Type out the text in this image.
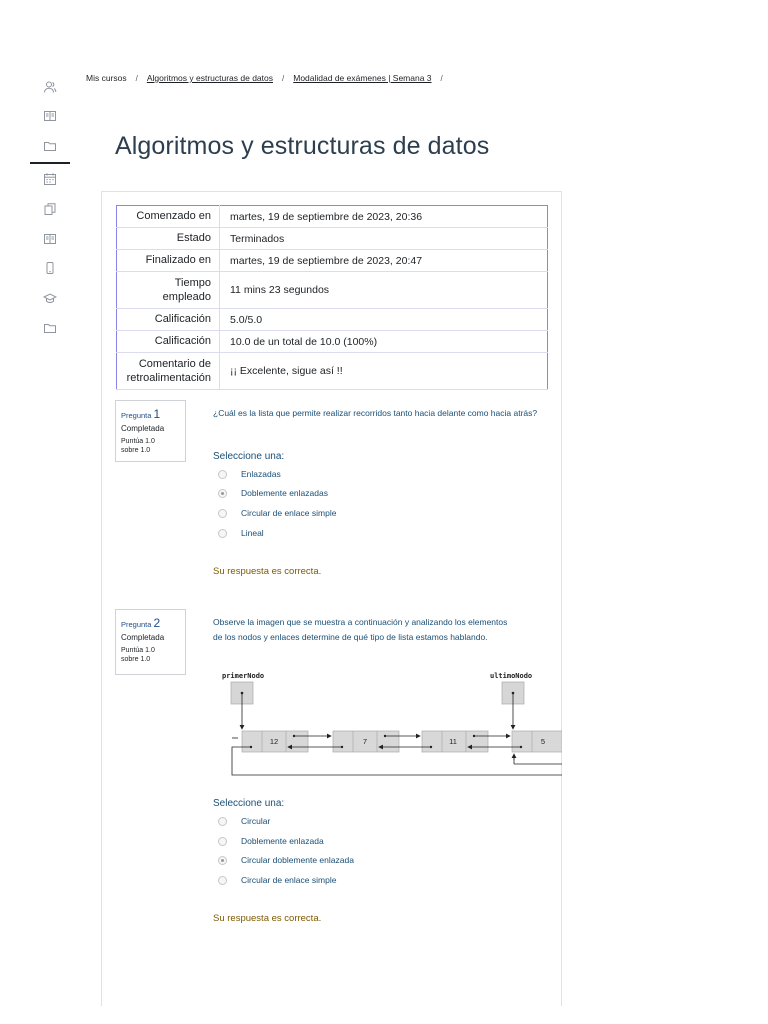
Mis cursos / Algoritmos y estructuras de datos / Modalidad de exámenes | Semana 3 /
Algoritmos y estructuras de datos
Comenzado en	martes, 19 de septiembre de 2023, 20:36
Estado	Terminados
Finalizado en	martes, 19 de septiembre de 2023, 20:47
Tiempo
empleado	11 mins 23 segundos
Calificación	5.0/5.0
Calificación	10.0 de un total de 10.0 (100%)
Comentario de
retroalimentación	¡¡ Excelente, sigue así !!
Pregunta 1
Completada
Puntúa 1.0
sobre 1.0
¿Cuál es la lista que permite realizar recorridos tanto hacia delante como hacia atrás?
Seleccione una:
Enlazadas
Doblemente enlazadas
Circular de enlace simple
Lineal
Su respuesta es correcta.
Pregunta 2
Completada
Puntúa 1.0
sobre 1.0
Observe la imagen que se muestra a continuación y analizando los elementos de los nodos y enlaces determine de qué tipo de lista estamos hablando.
primerNodo	ultimoNodo
12	7	11	5
Seleccione una:
Circular
Doblemente enlazada
Circular doblemente enlazada
Circular de enlace simple
Su respuesta es correcta.
